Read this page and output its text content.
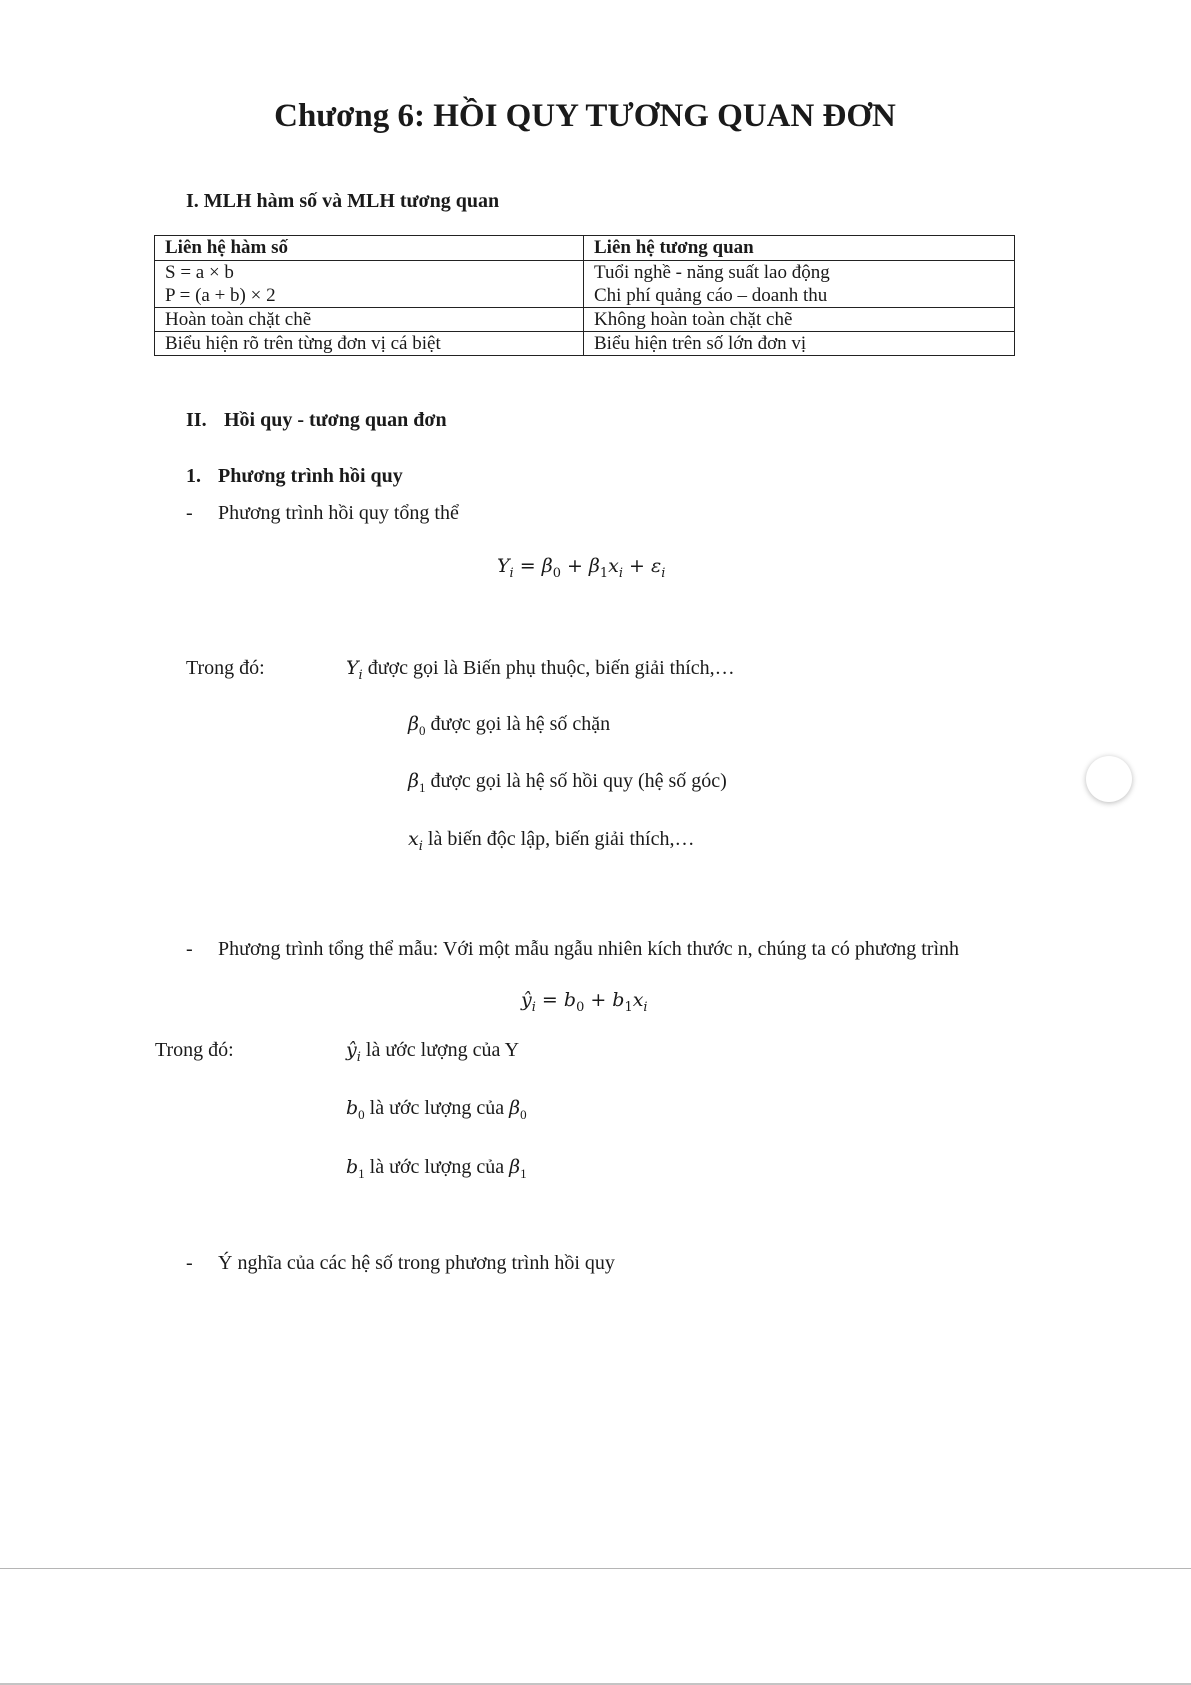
Chương 6: HỒI QUY TƯƠNG QUAN ĐƠN
I. MLH hàm số và MLH tương quan
Liên hệ hàm số	Liên hệ tương quan
S = a × b	Tuổi nghề - năng suất lao động
P = (a + b) × 2	Chi phí quảng cáo – doanh thu
Hoàn toàn chặt chẽ	Không hoàn toàn chặt chẽ
Biểu hiện rõ trên từng đơn vị cá biệt	Biểu hiện trên số lớn đơn vị
II. Hồi quy - tương quan đơn
1. Phương trình hồi quy
- Phương trình hồi quy tổng thể
$Y_i = \beta_0 + \beta_1x_i + \varepsilon_i$
Trong đó:	$Y_i$ được gọi là Biến phụ thuộc, biến giải thích,…
$\beta_0$ được gọi là hệ số chặn
$\beta_1$ được gọi là hệ số hồi quy (hệ số góc)
$x_i$ là biến độc lập, biến giải thích,…
- Phương trình tổng thể mẫu: Với một mẫu ngẫu nhiên kích thước n, chúng ta có phương trình
$ŷ_i = b_0 + b_1x_i$
Trong đó:	$ŷ_i$ là ước lượng của Y
$b_0$ là ước lượng của $\beta_0$
$b_1$ là ước lượng của $\beta_1$
- Ý nghĩa của các hệ số trong phương trình hồi quy
